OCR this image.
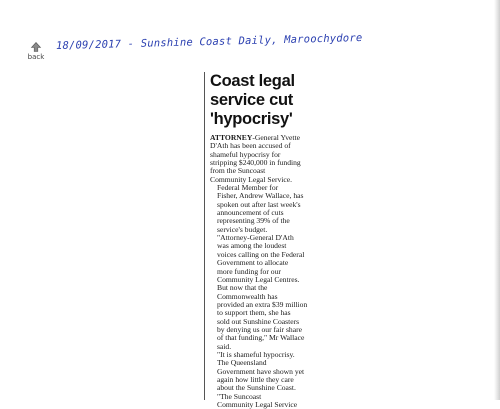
back
18/09/2017 - Sunshine Coast Daily, Maroochydore
Coast legal
service cut
'hypocrisy'

ATTORNEY-General Yvette
D'Ath has been accused of
shameful hypocrisy for
stripping $240,000 in funding
from the Suncoast
Community Legal Service.

Federal Member for
Fisher, Andrew Wallace, has
spoken out after last week's
announcement of cuts
representing 39% of the
service's budget.

"Attorney-General D'Ath
was among the loudest
voices calling on the Federal
Government to allocate
more funding for our
Community Legal Centres.
But now that the
Commonwealth has
provided an extra $39 million
to support them, she has
sold out Sunshine Coasters
by denying us our fair share
of that funding," Mr Wallace
said.

"It is shameful hypocrisy.
The Queensland
Government have shown yet
again how little they care
about the Sunshine Coast.

"The Suncoast
Community Legal Service
